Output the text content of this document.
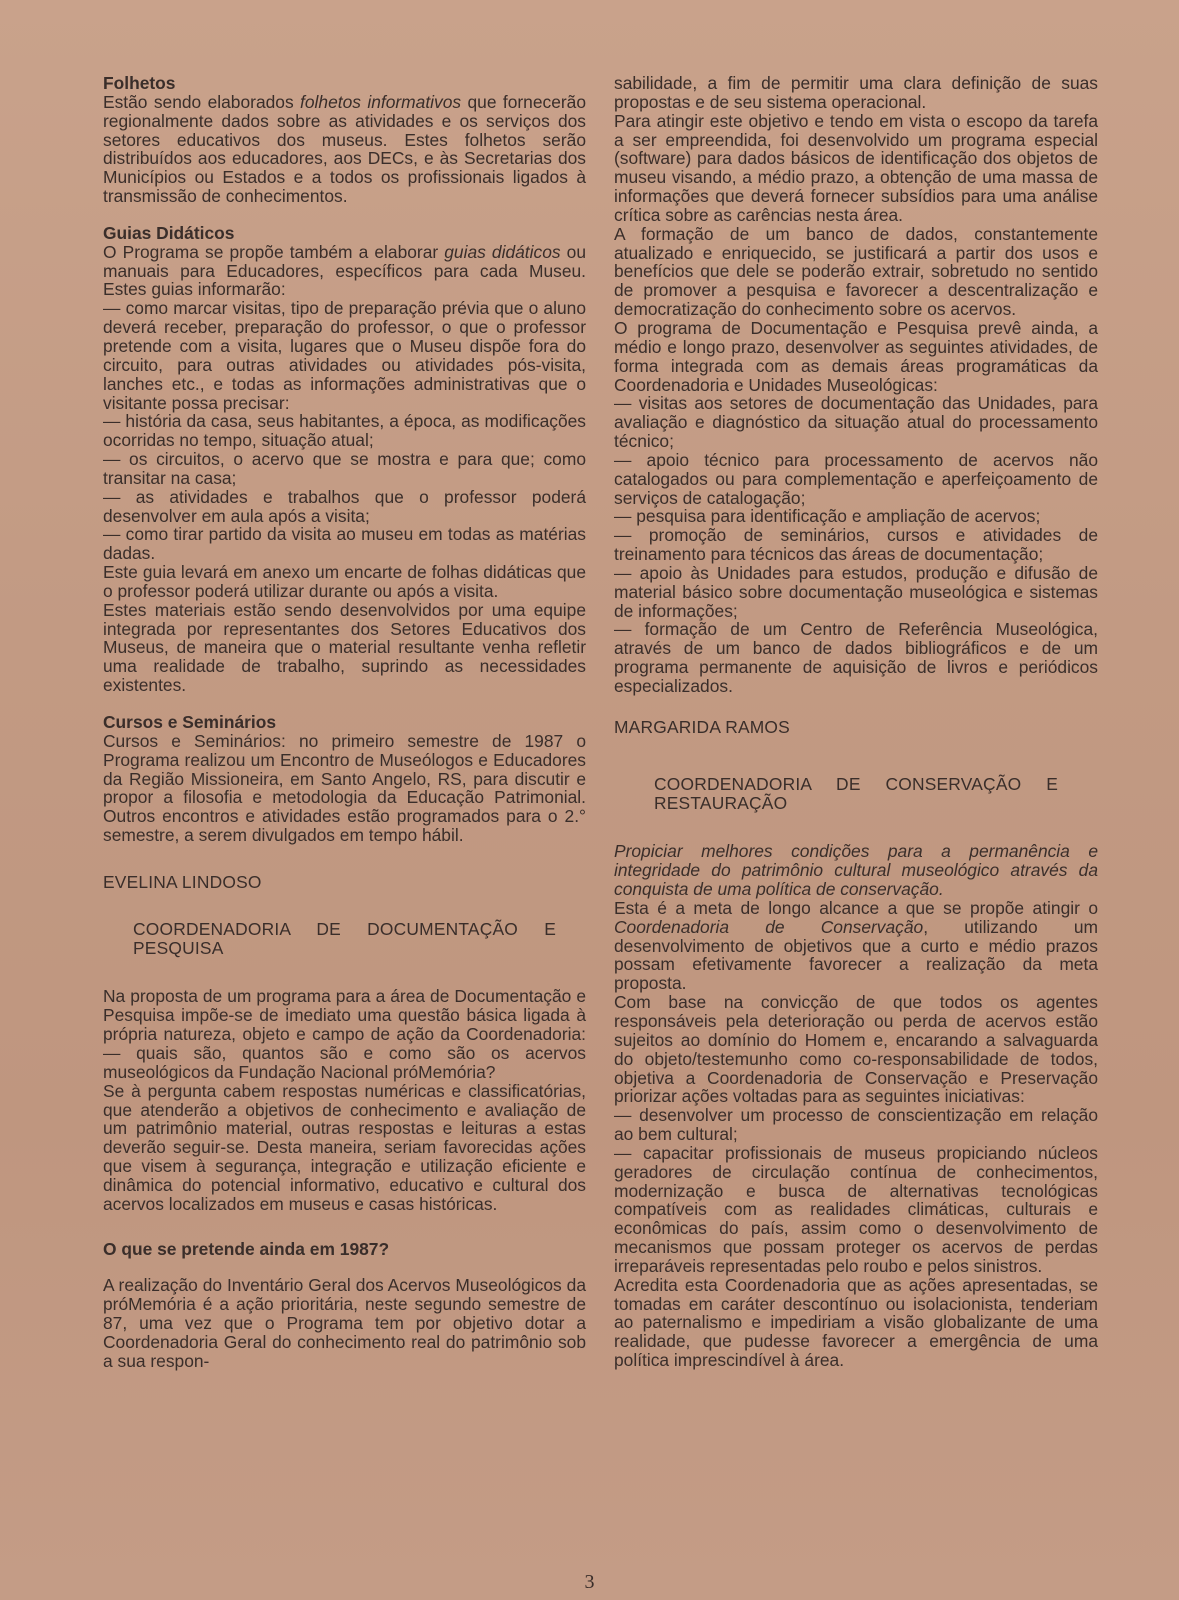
Folhetos

Estão sendo elaborados folhetos informativos que fornecerão regionalmente dados sobre as atividades e os serviços dos setores educativos dos museus. Estes folhetos serão distribuídos aos educadores, aos DECs, e às Secretarias dos Municípios ou Estados e a todos os profissionais ligados à transmissão de conhecimentos.

Guias Didáticos

O Programa se propõe também a elaborar guias didáticos ou manuais para Educadores, específicos para cada Museu. Estes guias informarão:

— como marcar visitas, tipo de preparação prévia que o aluno deverá receber, preparação do professor, o que o professor pretende com a visita, lugares que o Museu dispõe fora do circuito, para outras atividades ou atividades pós-visita, lanches etc., e todas as informações administrativas que o visitante possa precisar:

— história da casa, seus habitantes, a época, as modificações ocorridas no tempo, situação atual;

— os circuitos, o acervo que se mostra e para que; como transitar na casa;

— as atividades e trabalhos que o professor poderá desenvolver em aula após a visita;

— como tirar partido da visita ao museu em todas as matérias dadas.

Este guia levará em anexo um encarte de folhas didáticas que o professor poderá utilizar durante ou após a visita.

Estes materiais estão sendo desenvolvidos por uma equipe integrada por representantes dos Setores Educativos dos Museus, de maneira que o material resultante venha refletir uma realidade de trabalho, suprindo as necessidades existentes.

Cursos e Seminários

Cursos e Seminários: no primeiro semestre de 1987 o Programa realizou um Encontro de Museólogos e Educadores da Região Missioneira, em Santo Angelo, RS, para discutir e propor a filosofia e metodologia da Educação Patrimonial. Outros encontros e atividades estão programados para o 2.° semestre, a serem divulgados em tempo hábil.

EVELINA LINDOSO

COORDENADORIA DE DOCUMENTAÇÃO E PESQUISA

Na proposta de um programa para a área de Documentação e Pesquisa impõe-se de imediato uma questão básica ligada à própria natureza, objeto e campo de ação da Coordenadoria: — quais são, quantos são e como são os acervos museológicos da Fundação Nacional próMemória?

Se à pergunta cabem respostas numéricas e classificatórias, que atenderão a objetivos de conhecimento e avaliação de um patrimônio material, outras respostas e leituras a estas deverão seguir-se. Desta maneira, seriam favorecidas ações que visem à segurança, integração e utilização eficiente e dinâmica do potencial informativo, educativo e cultural dos acervos localizados em museus e casas históricas.

O que se pretende ainda em 1987?

A realização do Inventário Geral dos Acervos Museológicos da próMemória é a ação prioritária, neste segundo semestre de 87, uma vez que o Programa tem por objetivo dotar a Coordenadoria Geral do conhecimento real do patrimônio sob a sua respon-

sabilidade, a fim de permitir uma clara definição de suas propostas e de seu sistema operacional.

Para atingir este objetivo e tendo em vista o escopo da tarefa a ser empreendida, foi desenvolvido um programa especial (software) para dados básicos de identificação dos objetos de museu visando, a médio prazo, a obtenção de uma massa de informações que deverá fornecer subsídios para uma análise crítica sobre as carências nesta área.

A formação de um banco de dados, constantemente atualizado e enriquecido, se justificará a partir dos usos e benefícios que dele se poderão extrair, sobretudo no sentido de promover a pesquisa e favorecer a descentralização e democratização do conhecimento sobre os acervos.

O programa de Documentação e Pesquisa prevê ainda, a médio e longo prazo, desenvolver as seguintes atividades, de forma integrada com as demais áreas programáticas da Coordenadoria e Unidades Museológicas:

— visitas aos setores de documentação das Unidades, para avaliação e diagnóstico da situação atual do processamento técnico;

— apoio técnico para processamento de acervos não catalogados ou para complementação e aperfeiçoamento de serviços de catalogação;

— pesquisa para identificação e ampliação de acervos;

— promoção de seminários, cursos e atividades de treinamento para técnicos das áreas de documentação;

— apoio às Unidades para estudos, produção e difusão de material básico sobre documentação museológica e sistemas de informações;

— formação de um Centro de Referência Museológica, através de um banco de dados bibliográficos e de um programa permanente de aquisição de livros e periódicos especializados.

MARGARIDA RAMOS

COORDENADORIA DE CONSERVAÇÃO E RESTAURAÇÃO

Propiciar melhores condições para a permanência e integridade do patrimônio cultural museológico através da conquista de uma política de conservação.

Esta é a meta de longo alcance a que se propõe atingir o Coordenadoria de Conservação, utilizando um desenvolvimento de objetivos que a curto e médio prazos possam efetivamente favorecer a realização da meta proposta.

Com base na convicção de que todos os agentes responsáveis pela deterioração ou perda de acervos estão sujeitos ao domínio do Homem e, encarando a salvaguarda do objeto/testemunho como co-responsabilidade de todos, objetiva a Coordenadoria de Conservação e Preservação priorizar ações voltadas para as seguintes iniciativas:

— desenvolver um processo de conscientização em relação ao bem cultural;

— capacitar profissionais de museus propiciando núcleos geradores de circulação contínua de conhecimentos, modernização e busca de alternativas tecnológicas compatíveis com as realidades climáticas, culturais e econômicas do país, assim como o desenvolvimento de mecanismos que possam proteger os acervos de perdas irreparáveis representadas pelo roubo e pelos sinistros.

Acredita esta Coordenadoria que as ações apresentadas, se tomadas em caráter descontínuo ou isolacionista, tenderiam ao paternalismo e impediriam a visão globalizante de uma realidade, que pudesse favorecer a emergência de uma política imprescindível à área.

3
